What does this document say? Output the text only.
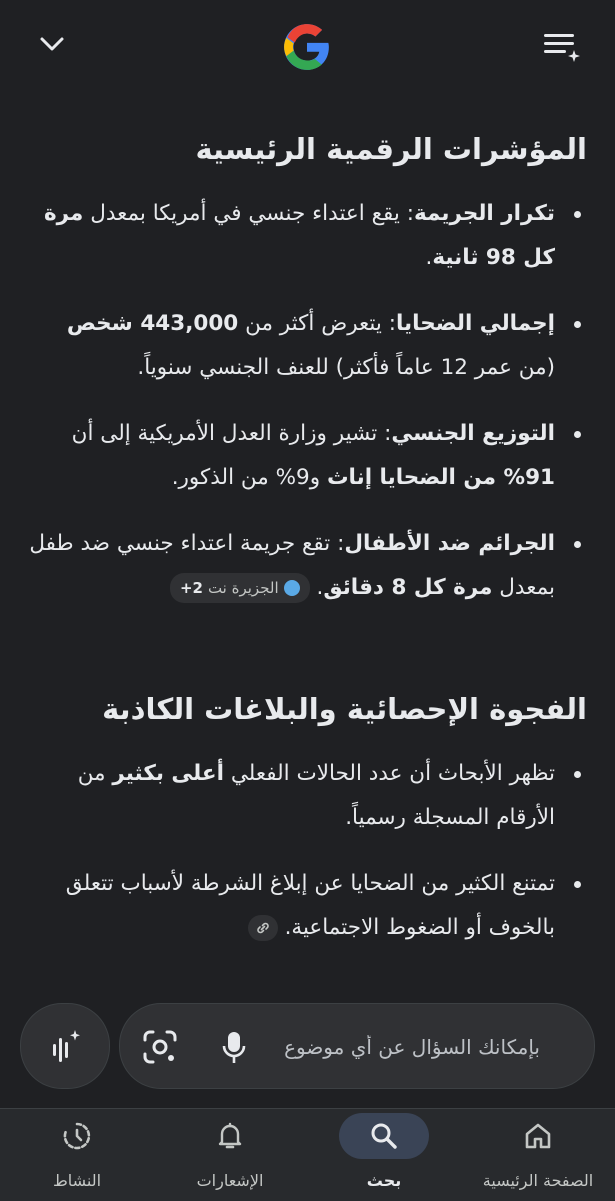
المؤشرات الرقمية الرئيسية
تكرار الجريمة: يقع اعتداء جنسي في أمريكا بمعدل مرة كل 98 ثانية.
إجمالي الضحايا: يتعرض أكثر من 443,000 شخص (من عمر 12 عاماً فأكثر) للعنف الجنسي سنوياً.
التوزيع الجنسي: تشير وزارة العدل الأمريكية إلى أن 91% من الضحايا إناث و9% من الذكور.
الجرائم ضد الأطفال: تقع جريمة اعتداء جنسي ضد طفل بمعدل مرة كل 8 دقائق.
الجزيرة نت
+2
الفجوة الإحصائية والبلاغات الكاذبة
تظهر الأبحاث أن عدد الحالات الفعلي أعلى بكثير من الأرقام المسجلة رسمياً.
تمتنع الكثير من الضحايا عن إبلاغ الشرطة لأسباب تتعلق بالخوف أو الضغوط الاجتماعية.
بإمكانك السؤال عن أي موضوع
الصفحة الرئيسية
بحث
الإشعارات
النشاط
